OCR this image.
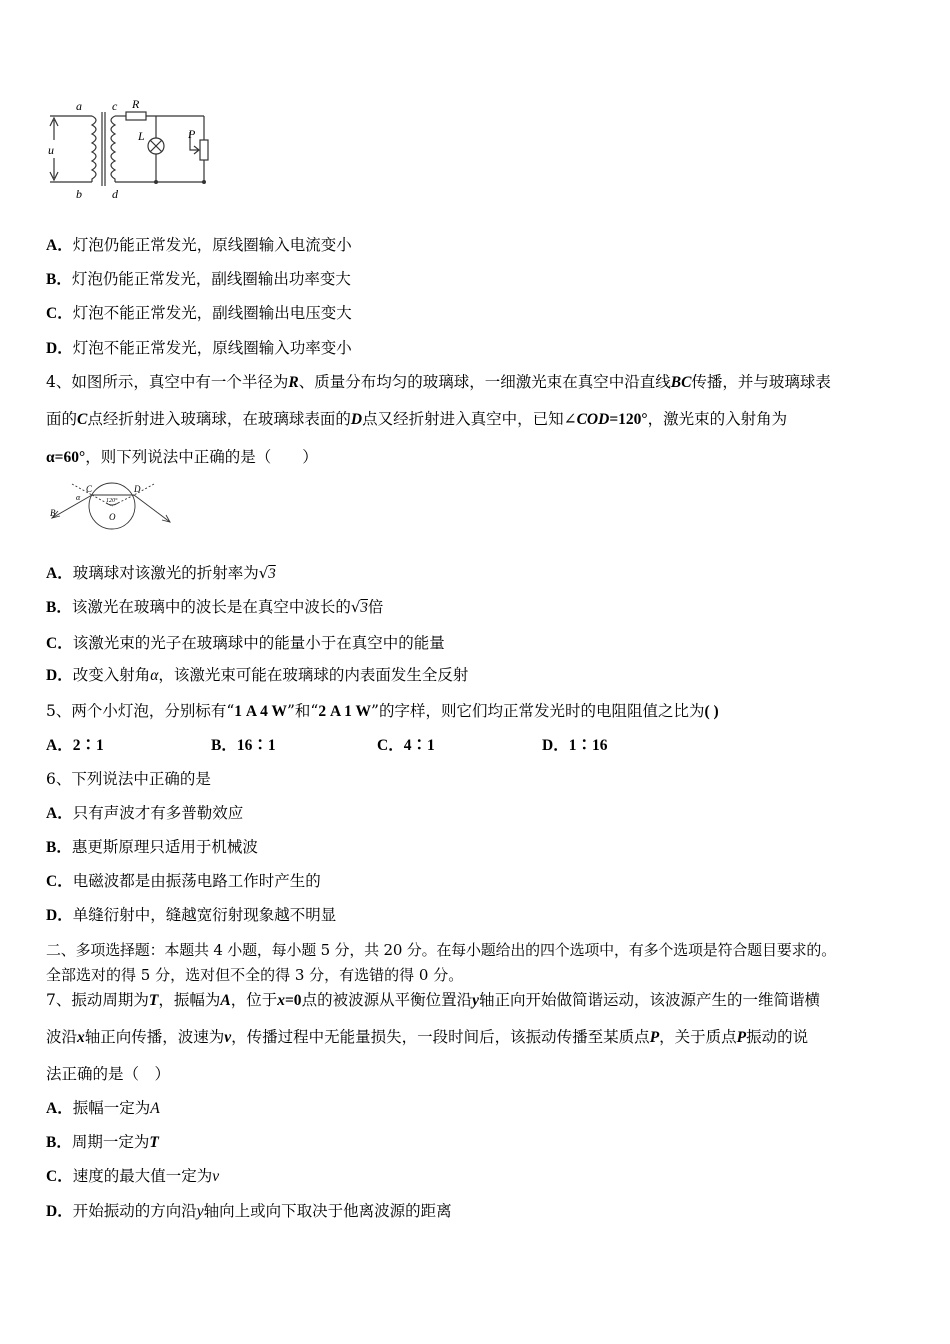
a
b
c
d
R
L	P
u
A．灯泡仍能正常发光，原线圈输入电流变小
B．灯泡仍能正常发光，副线圈输出功率变大
C．灯泡不能正常发光，副线圈输出电压变大
D．灯泡不能正常发光，原线圈输入功率变小
4、如图所示，真空中有一个半径为R、质量分布均匀的玻璃球，一细激光束在真空中沿直线BC传播，并与玻璃球表
面的C点经折射进入玻璃球，在玻璃球表面的D点又经折射进入真空中，已知∠COD=120°，激光束的入射角为
α=60°，则下列说法中正确的是（　　）
B
C	D
O
α	120°
A．玻璃球对该激光的折射率为√3
B．该激光在玻璃中的波长是在真空中波长的√3倍
C．该激光束的光子在玻璃球中的能量小于在真空中的能量
D．改变入射角α，该激光束可能在玻璃球的内表面发生全反射
5、两个小灯泡，分别标有“1 A 4 W”和“2 A 1 W”的字样，则它们均正常发光时的电阻阻值之比为( )
A．2∶1	B．16∶1	C．4∶1	D．1∶16
6、下列说法中正确的是
A．只有声波才有多普勒效应
B．惠更斯原理只适用于机械波
C．电磁波都是由振荡电路工作时产生的
D．单缝衍射中，缝越宽衍射现象越不明显
二、多项选择题：本题共 4 小题，每小题 5 分，共 20 分。在每小题给出的四个选项中，有多个选项是符合题目要求的。
全部选对的得 5 分，选对但不全的得 3 分，有选错的得 0 分。
7、振动周期为T，振幅为A，位于x=0点的被波源从平衡位置沿y轴正向开始做简谐运动，该波源产生的一维简谐横
波沿x轴正向传播，波速为v，传播过程中无能量损失，一段时间后，该振动传播至某质点P，关于质点P振动的说
法正确的是（　）
A．振幅一定为A
B．周期一定为T
C．速度的最大值一定为v
D．开始振动的方向沿y轴向上或向下取决于他离波源的距离
